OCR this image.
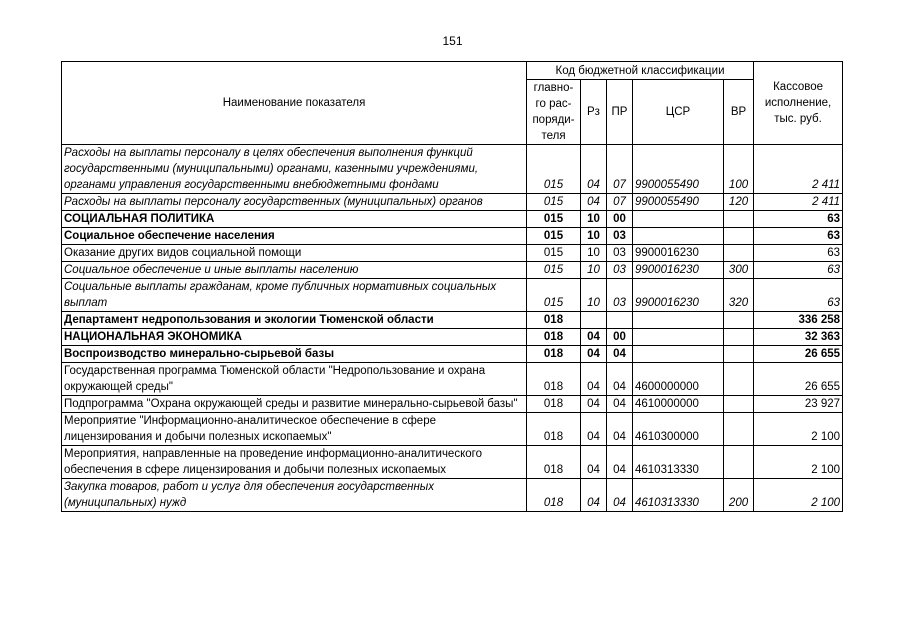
151
Наименование показателя	Код бюджетной классификации					Кассовое исполнение, тыс. руб.
	главно-го рас-поряди-теля	Рз	ПР	ЦСР	ВР	
Расходы на выплаты персоналу в целях обеспечения выполнения функций государственными (муниципальными) органами, казенными учреждениями, органами управления государственными внебюджетными фондами	015	04	07	9900055490	100	2 411
Расходы на выплаты персоналу государственных (муниципальных) органов	015	04	07	9900055490	120	2 411
СОЦИАЛЬНАЯ ПОЛИТИКА	015	10	00			63
Социальное обеспечение населения	015	10	03			63
Оказание других видов социальной помощи	015	10	03	9900016230		63
Социальное обеспечение и иные выплаты населению	015	10	03	9900016230	300	63
Социальные выплаты гражданам, кроме публичных нормативных социальных выплат	015	10	03	9900016230	320	63
Департамент недропользования и экологии Тюменской области	018					336 258
НАЦИОНАЛЬНАЯ ЭКОНОМИКА	018	04	00			32 363
Воспроизводство минерально-сырьевой базы	018	04	04			26 655
Государственная программа Тюменской области "Недропользование и охрана окружающей среды"	018	04	04	4600000000		26 655
Подпрограмма "Охрана окружающей среды и развитие минерально-сырьевой базы"	018	04	04	4610000000		23 927
Мероприятие "Информационно-аналитическое обеспечение в сфере лицензирования и добычи полезных ископаемых"	018	04	04	4610300000		2 100
Мероприятия, направленные на проведение информационно-аналитического обеспечения в сфере лицензирования и добычи полезных ископаемых	018	04	04	4610313330		2 100
Закупка товаров, работ и услуг для обеспечения государственных (муниципальных) нужд	018	04	04	4610313330	200	2 100
